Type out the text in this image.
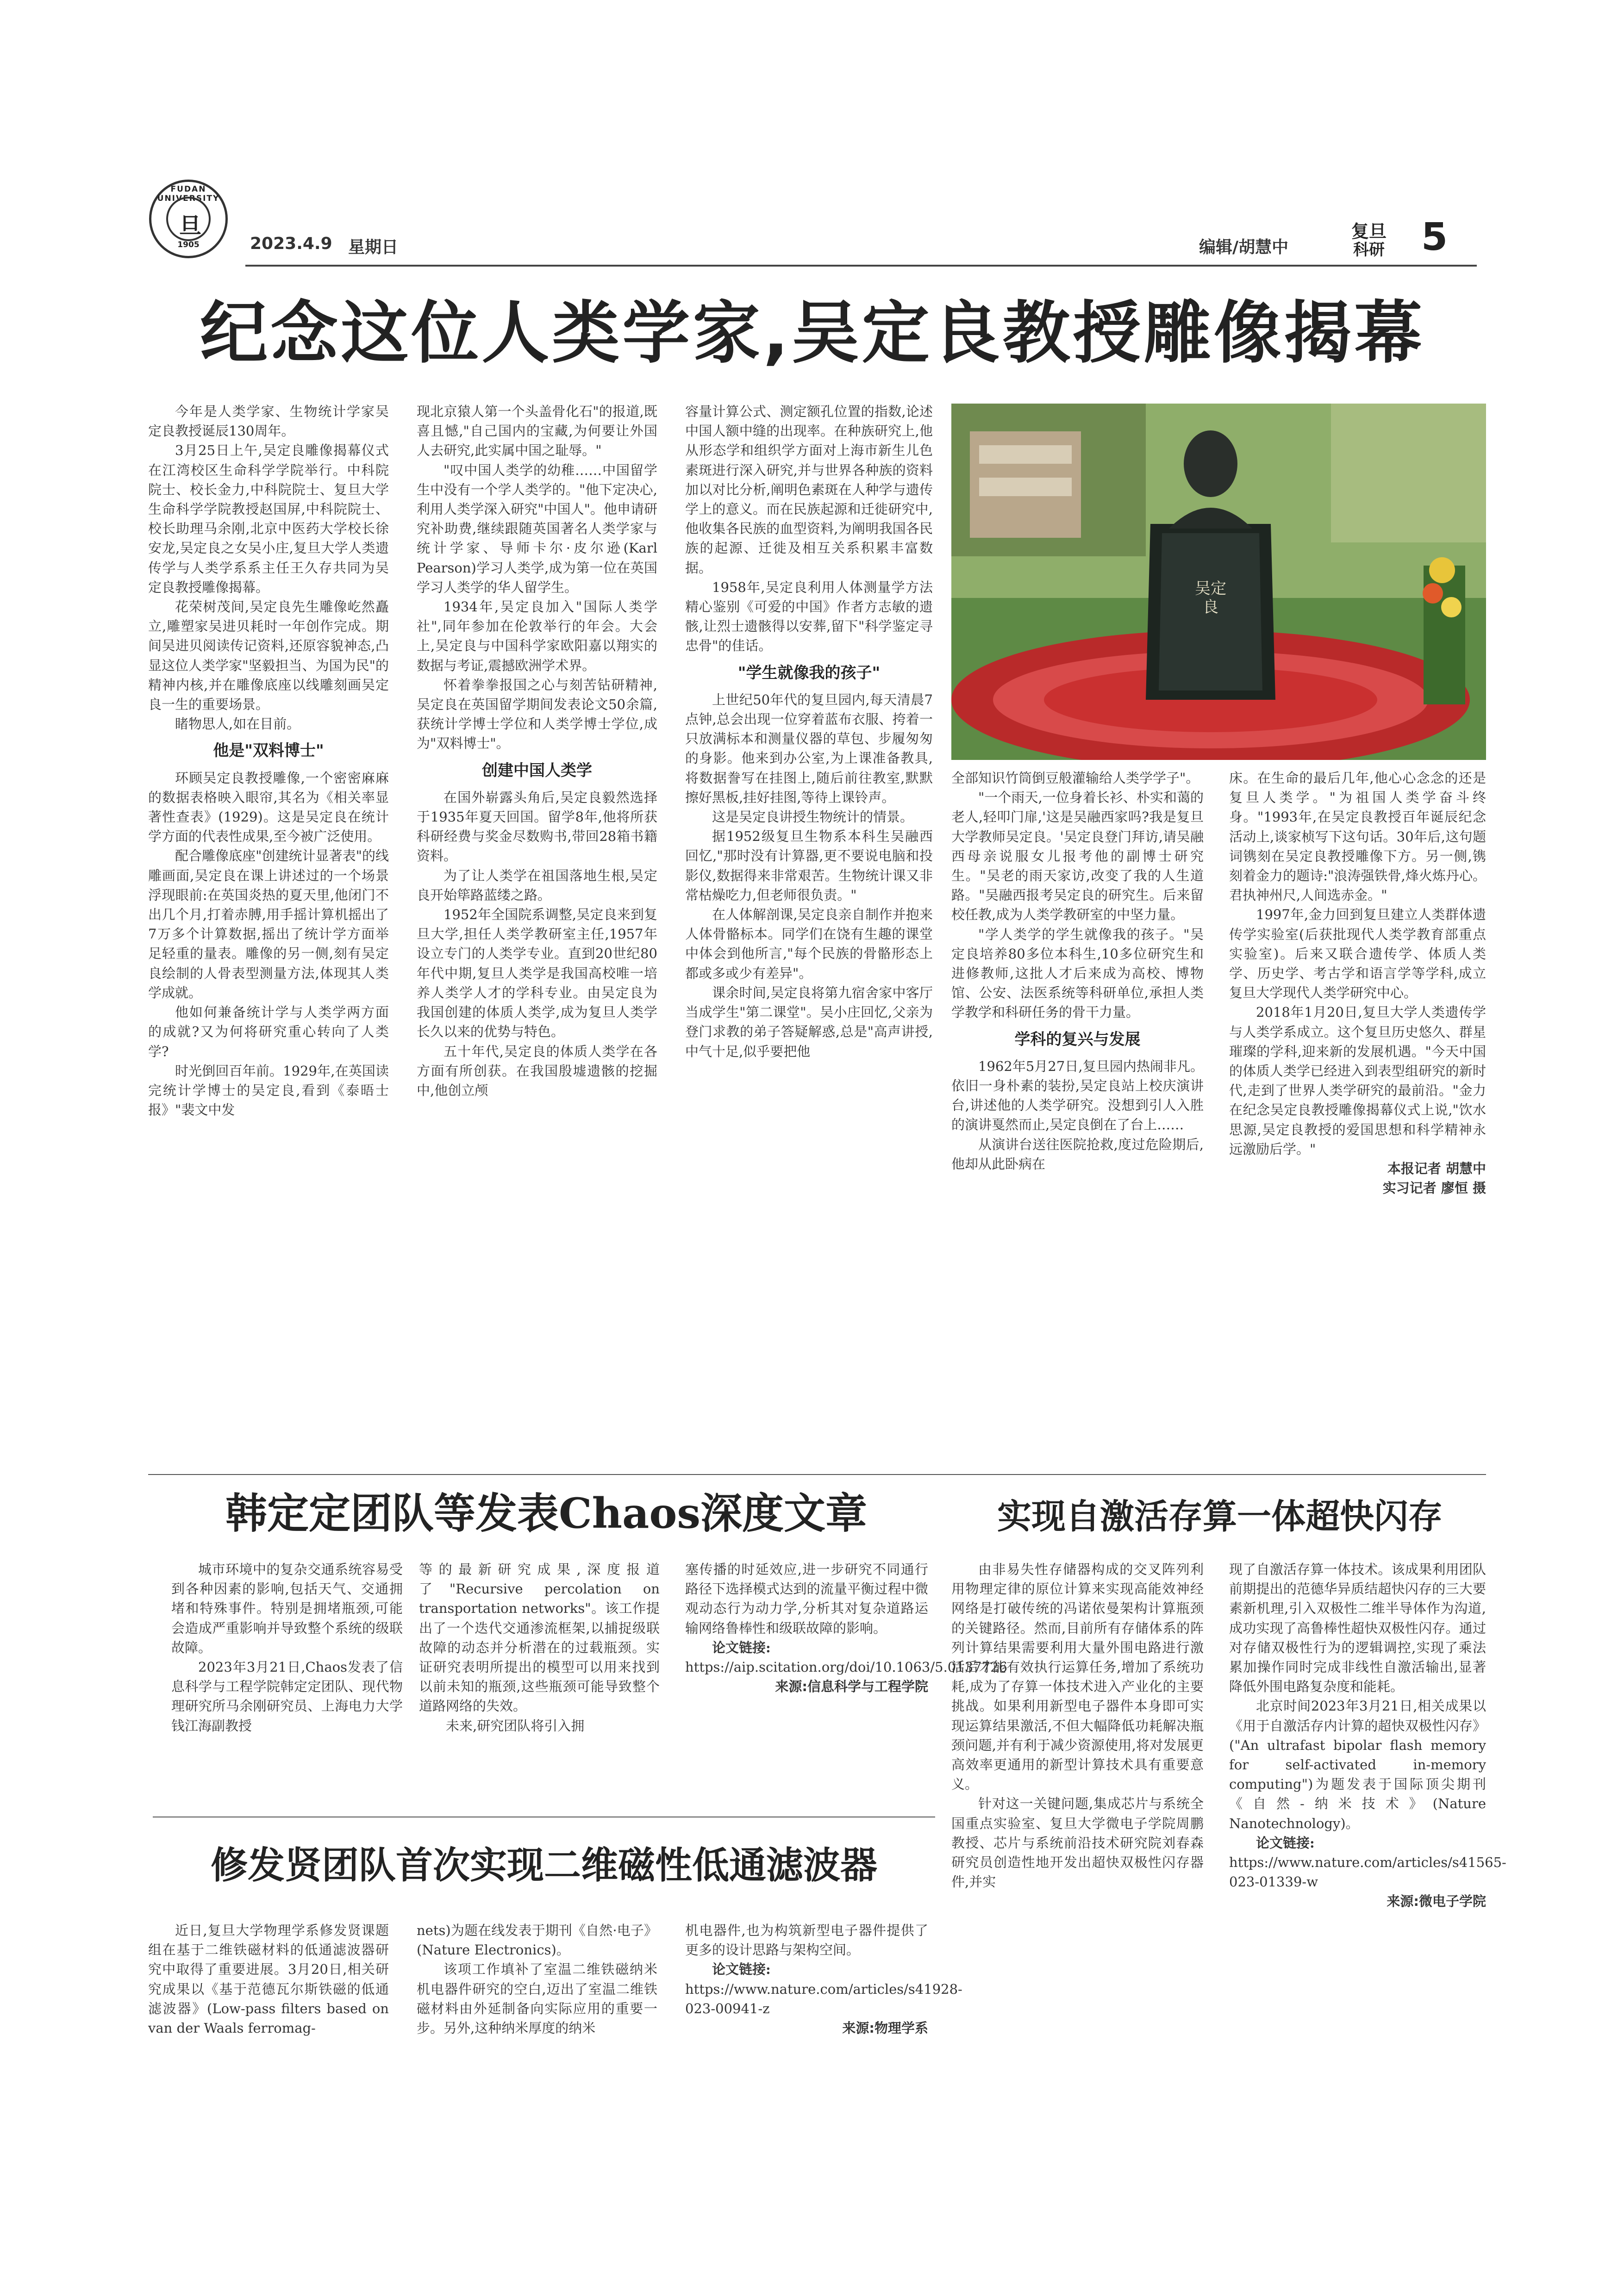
FUDAN UNIVERSITY
旦
1905	2023.4.9 星期日	编辑/胡慧中
复旦
科研 5
纪念这位人类学家,吴定良教授雕像揭幕

今年是人类学家、生物统计学家吴定良教授诞辰130周年。

3月25日上午,吴定良雕像揭幕仪式在江湾校区生命科学学院举行。中科院院士、校长金力,中科院院士、复旦大学生命科学学院教授赵国屏,中科院院士、校长助理马余刚,北京中医药大学校长徐安龙,吴定良之女吴小庄,复旦大学人类遗传学与人类学系系主任王久存共同为吴定良教授雕像揭幕。

花荣树茂间,吴定良先生雕像屹然矗立,雕塑家吴进贝耗时一年创作完成。期间吴进贝阅读传记资料,还原容貌神态,凸显这位人类学家"坚毅担当、为国为民"的精神内核,并在雕像底座以线雕刻画吴定良一生的重要场景。

睹物思人,如在目前。

他是"双料博士"

环顾吴定良教授雕像,一个密密麻麻的数据表格映入眼帘,其名为《相关率显著性查表》(1929)。这是吴定良在统计学方面的代表性成果,至今被广泛使用。

配合雕像底座"创建统计显著表"的线雕画面,吴定良在课上讲述过的一个场景浮现眼前:在英国炎热的夏天里,他闭门不出几个月,打着赤膊,用手摇计算机摇出了7万多个计算数据,摇出了统计学方面举足轻重的量表。雕像的另一侧,刻有吴定良绘制的人骨表型测量方法,体现其人类学成就。

他如何兼备统计学与人类学两方面的成就?又为何将研究重心转向了人类学?

时光倒回百年前。1929年,在英国读完统计学博士的吴定良,看到《泰晤士报》"裴文中发

现北京猿人第一个头盖骨化石"的报道,既喜且憾,"自己国内的宝藏,为何要让外国人去研究,此实属中国之耻辱。"

"叹中国人类学的幼稚……中国留学生中没有一个学人类学的。"他下定决心,利用人类学深入研究"中国人"。他申请研究补助费,继续跟随英国著名人类学家与统计学家、导师卡尔·皮尔逊(Karl Pearson)学习人类学,成为第一位在英国学习人类学的华人留学生。

1934年,吴定良加入"国际人类学社",同年参加在伦敦举行的年会。大会上,吴定良与中国科学家欧阳嘉以翔实的数据与考证,震撼欧洲学术界。

怀着拳拳报国之心与刻苦钻研精神,吴定良在英国留学期间发表论文50余篇,获统计学博士学位和人类学博士学位,成为"双料博士"。

创建中国人类学

在国外崭露头角后,吴定良毅然选择于1935年夏天回国。留学8年,他将所获科研经费与奖金尽数购书,带回28箱书籍资料。

为了让人类学在祖国落地生根,吴定良开始筚路蓝缕之路。

1952年全国院系调整,吴定良来到复旦大学,担任人类学教研室主任,1957年设立专门的人类学专业。直到20世纪80年代中期,复旦人类学是我国高校唯一培养人类学人才的学科专业。由吴定良为我国创建的体质人类学,成为复旦人类学长久以来的优势与特色。

五十年代,吴定良的体质人类学在各方面有所创获。在我国殷墟遗骸的挖掘中,他创立颅

容量计算公式、测定额孔位置的指数,论述中国人额中缝的出现率。在种族研究上,他从形态学和组织学方面对上海市新生儿色素斑进行深入研究,并与世界各种族的资料加以对比分析,阐明色素斑在人种学与遗传学上的意义。而在民族起源和迁徙研究中,他收集各民族的血型资料,为阐明我国各民族的起源、迁徙及相互关系积累丰富数据。

1958年,吴定良利用人体测量学方法精心鉴别《可爱的中国》作者方志敏的遗骸,让烈士遗骸得以安葬,留下"科学鉴定寻忠骨"的佳话。

"学生就像我的孩子"

上世纪50年代的复旦园内,每天清晨7点钟,总会出现一位穿着蓝布衣服、挎着一只放满标本和测量仪器的草包、步履匆匆的身影。他来到办公室,为上课准备教具,将数据誊写在挂图上,随后前往教室,默默擦好黑板,挂好挂图,等待上课铃声。

这是吴定良讲授生物统计的情景。

据1952级复旦生物系本科生吴融西回忆,"那时没有计算器,更不要说电脑和投影仪,数据得来非常艰苦。生物统计课又非常枯燥吃力,但老师很负责。"

在人体解剖课,吴定良亲自制作并抱来人体骨骼标本。同学们在饶有生趣的课堂中体会到他所言,"每个民族的骨骼形态上都或多或少有差异"。

课余时间,吴定良将第九宿舍家中客厅当成学生"第二课堂"。吴小庄回忆,父亲为登门求教的弟子答疑解惑,总是"高声讲授,中气十足,似乎要把他

吴定良

全部知识竹筒倒豆般灌输给人类学学子"。

"一个雨天,一位身着长衫、朴实和蔼的老人,轻叩门扉,'这是吴融西家吗?我是复旦大学教师吴定良。'吴定良登门拜访,请吴融西母亲说服女儿报考他的副博士研究生。"吴老的雨天家访,改变了我的人生道路。"吴融西报考吴定良的研究生。后来留校任教,成为人类学教研室的中坚力量。

"学人类学的学生就像我的孩子。"吴定良培养80多位本科生,10多位研究生和进修教师,这批人才后来成为高校、博物馆、公安、法医系统等科研单位,承担人类学教学和科研任务的骨干力量。

学科的复兴与发展

1962年5月27日,复旦园内热闹非凡。依旧一身朴素的装扮,吴定良站上校庆演讲台,讲述他的人类学研究。没想到引人入胜的演讲戛然而止,吴定良倒在了台上……

从演讲台送往医院抢救,度过危险期后,他却从此卧病在

床。在生命的最后几年,他心心念念的还是复旦人类学。"为祖国人类学奋斗终身。"1993年,在吴定良教授百年诞辰纪念活动上,谈家桢写下这句话。30年后,这句题词镌刻在吴定良教授雕像下方。另一侧,镌刻着金力的题诗:"浪涛强铁骨,烽火炼丹心。君执神州尺,人间选赤金。"

1997年,金力回到复旦建立人类群体遗传学实验室(后获批现代人类学教育部重点实验室)。后来又联合遗传学、体质人类学、历史学、考古学和语言学等学科,成立复旦大学现代人类学研究中心。

2018年1月20日,复旦大学人类遗传学与人类学系成立。这个复旦历史悠久、群星璀璨的学科,迎来新的发展机遇。"今天中国的体质人类学已经进入到表型组研究的新时代,走到了世界人类学研究的最前沿。"金力在纪念吴定良教授雕像揭幕仪式上说,"饮水思源,吴定良教授的爱国思想和科学精神永远激励后学。"

本报记者 胡慧中

实习记者 廖恒 摄

韩定定团队等发表Chaos深度文章

城市环境中的复杂交通系统容易受到各种因素的影响,包括天气、交通拥堵和特殊事件。特别是拥堵瓶颈,可能会造成严重影响并导致整个系统的级联故障。

2023年3月21日,Chaos发表了信息科学与工程学院韩定定团队、现代物理研究所马余刚研究员、上海电力大学钱江海副教授

等的最新研究成果,深度报道了"Recursive percolation on transportation networks"。该工作提出了一个迭代交通渗流框架,以捕捉级联故障的动态并分析潜在的过载瓶颈。实证研究表明所提出的模型可以用来找到以前未知的瓶颈,这些瓶颈可能导致整个道路网络的失效。

未来,研究团队将引入拥

塞传播的时延效应,进一步研究不同通行路径下选择模式达到的流量平衡过程中微观动态行为动力学,分析其对复杂道路运输网络鲁棒性和级联故障的影响。

论文链接:

https://aip.scitation.org/doi/10.1063/5.0137726

来源:信息科学与工程学院

修发贤团队首次实现二维磁性低通滤波器

近日,复旦大学物理学系修发贤课题组在基于二维铁磁材料的低通滤波器研究中取得了重要进展。3月20日,相关研究成果以《基于范德瓦尔斯铁磁的低通滤波器》(Low-pass filters based on van der Waals ferromag-

nets)为题在线发表于期刊《自然·电子》(Nature Electronics)。

该项工作填补了室温二维铁磁纳米机电器件研究的空白,迈出了室温二维铁磁材料由外延制备向实际应用的重要一步。另外,这种纳米厚度的纳米

机电器件,也为构筑新型电子器件提供了更多的设计思路与架构空间。

论文链接:

https://www.nature.com/articles/s41928-023-00941-z

来源:物理学系

实现自激活存算一体超快闪存

由非易失性存储器构成的交叉阵列利用物理定律的原位计算来实现高能效神经网络是打破传统的冯诺依曼架构计算瓶颈的关键路径。然而,目前所有存储体系的阵列计算结果需要利用大量外围电路进行激活后才能有效执行运算任务,增加了系统功耗,成为了存算一体技术进入产业化的主要挑战。如果利用新型电子器件本身即可实现运算结果激活,不但大幅降低功耗解决瓶颈问题,并有利于减少资源使用,将对发展更高效率更通用的新型计算技术具有重要意义。

针对这一关键问题,集成芯片与系统全国重点实验室、复旦大学微电子学院周鹏教授、芯片与系统前沿技术研究院刘春森研究员创造性地开发出超快双极性闪存器件,并实

现了自激活存算一体技术。该成果利用团队前期提出的范德华异质结超快闪存的三大要素新机理,引入双极性二维半导体作为沟道,成功实现了高鲁棒性超快双极性闪存。通过对存储双极性行为的逻辑调控,实现了乘法累加操作同时完成非线性自激活输出,显著降低外围电路复杂度和能耗。

北京时间2023年3月21日,相关成果以《用于自激活存内计算的超快双极性闪存》("An ultrafast bipolar flash memory for self-activated in-memory computing")为题发表于国际顶尖期刊《自然-纳米技术》(Nature Nanotechnology)。

论文链接:

https://www.nature.com/articles/s41565-023-01339-w

来源:微电子学院
